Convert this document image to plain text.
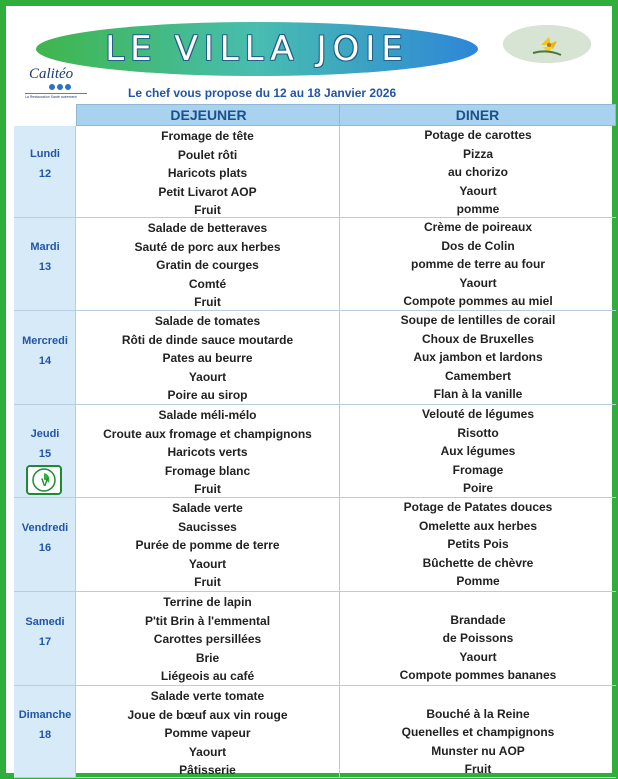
LE VILLA JOIE
Calitéo
La Restauration Santé autrement	Le chef vous propose du 12 au 18 Janvier 2026
DEJEUNER	DINER
Lundi
12
Fromage de tête
Poulet rôti
Haricots plats
Petit Livarot AOP
Fruit
Potage de carottes
Pizza
au chorizo
Yaourt
pomme
Mardi
13
Salade de betteraves
Sauté de porc aux herbes
Gratin de courges
Comté
Fruit
Crème de poireaux
Dos de Colin
pomme de terre au four
Yaourt
Compote pommes au miel
Mercredi
14
Salade de tomates
Rôti de dinde sauce moutarde
Pates au beurre
Yaourt
Poire au sirop
Soupe de lentilles de corail
Choux de Bruxelles
Aux jambon et lardons
Camembert
Flan à la vanille
Jeudi
15
V
Salade méli-mélo
Croute aux fromage et champignons
Haricots verts
Fromage blanc
Fruit
Velouté de légumes
Risotto
Aux légumes
Fromage
Poire
Vendredi
16
Salade verte
Saucisses
Purée de pomme de terre
Yaourt
Fruit
Potage de Patates douces
Omelette aux herbes
Petits Pois
Bûchette de chèvre
Pomme
Samedi
17
Terrine de lapin
P'tit Brin à l'emmental
Carottes persillées
Brie
Liégeois au café
Brandade
de Poissons
Yaourt
Compote pommes bananes
Dimanche
18
Salade verte tomate
Joue de bœuf aux vin rouge
Pomme vapeur
Yaourt
Pâtisserie
Bouché à la Reine
Quenelles et champignons
Munster nu AOP
Fruit
